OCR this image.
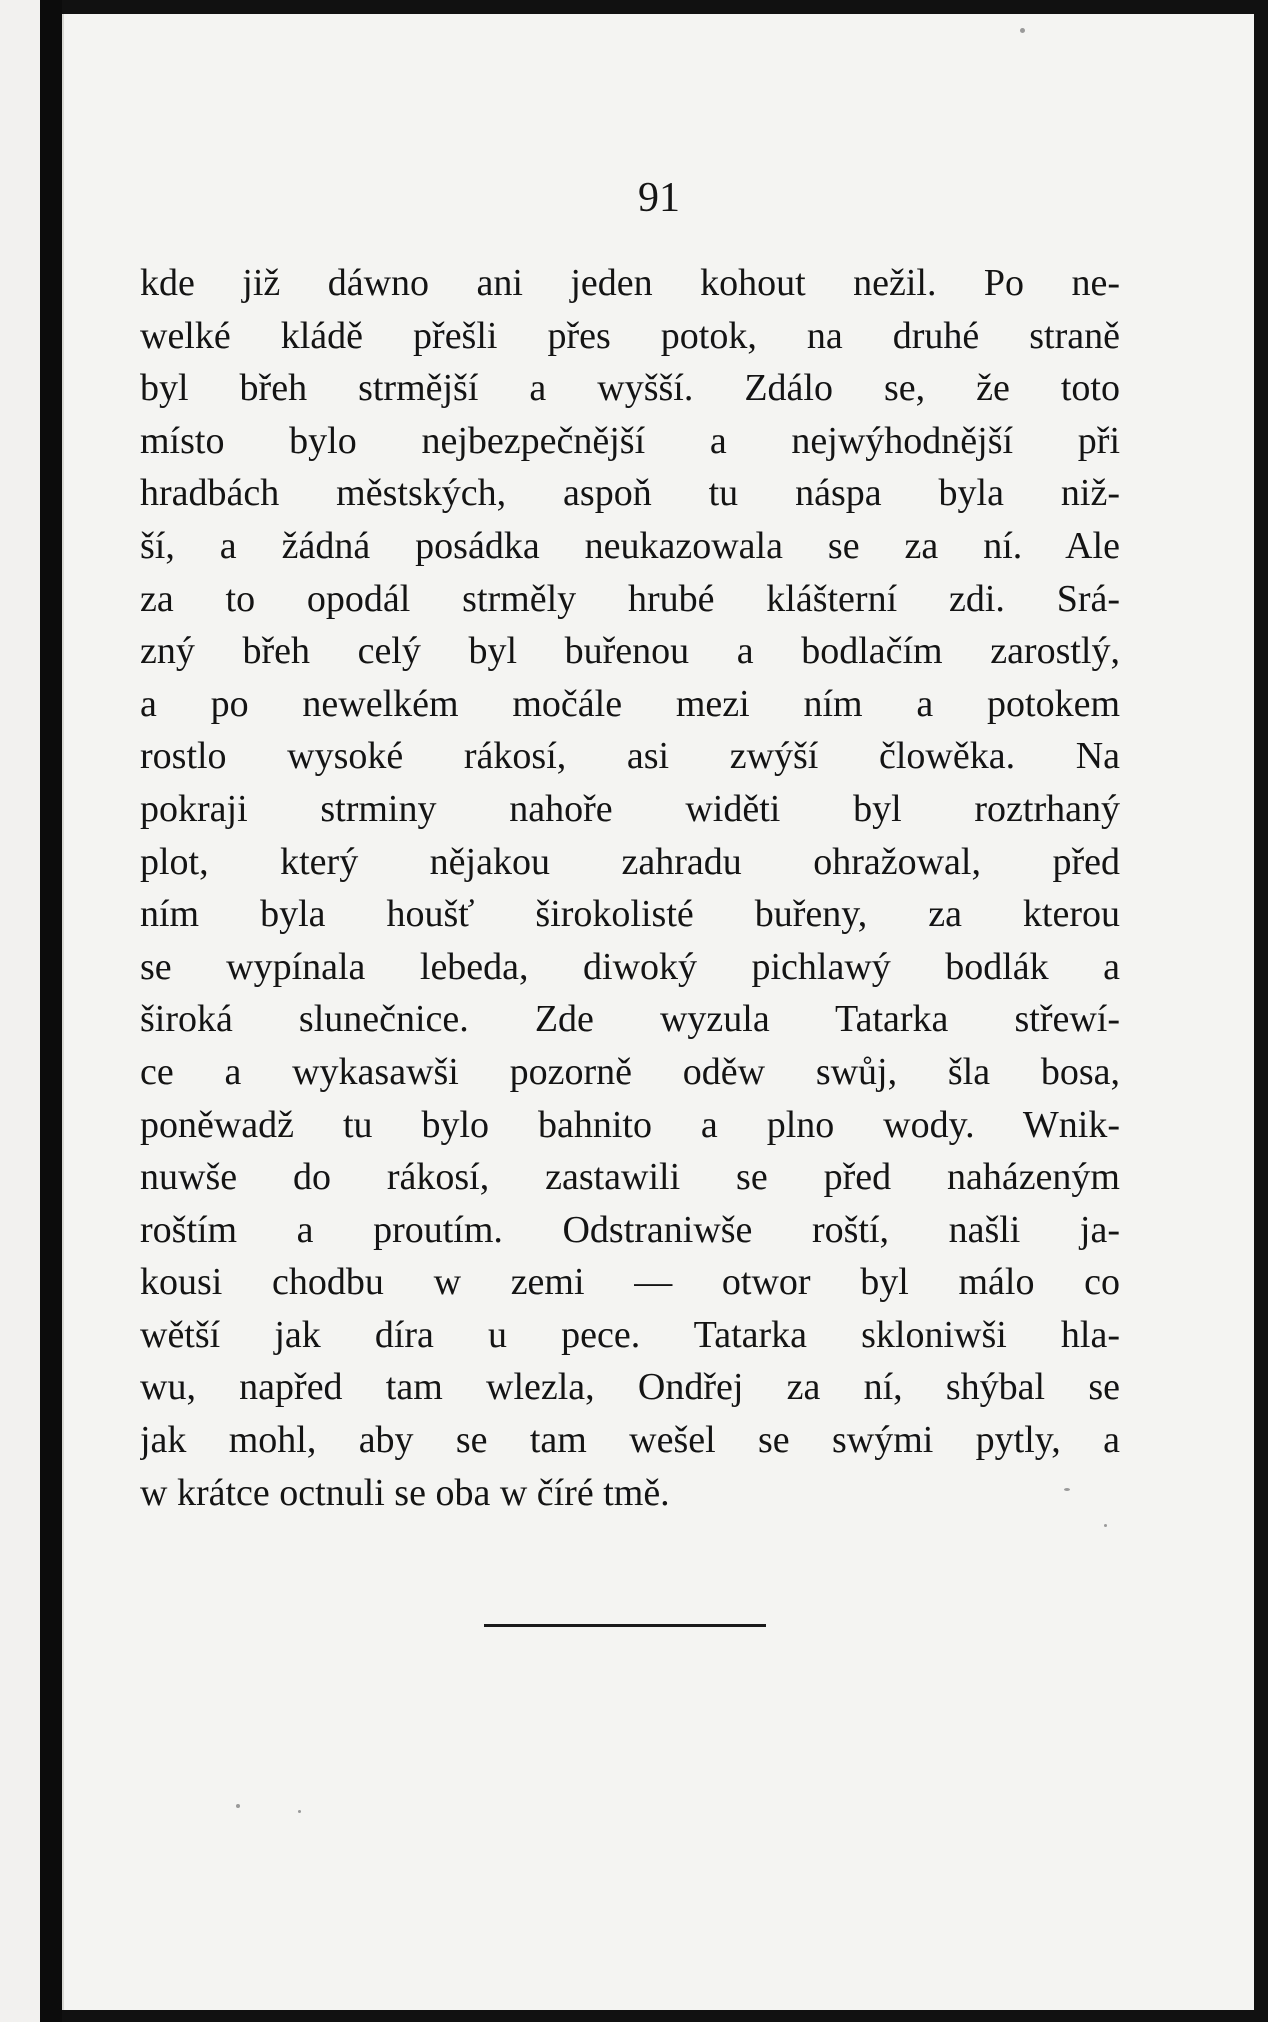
91
kde již dáwno ani jeden kohout nežil. Po ne-
welké kládě přešli přes potok, na druhé straně
byl břeh strmější a wyšší. Zdálo se, že toto
místo bylo nejbezpečnější a nejwýhodnější při
hradbách městských, aspoň tu náspa byla niž-
ší, a žádná posádka neukazowala se za ní. Ale
za to opodál strměly hrubé klášterní zdi. Srá-
zný břeh celý byl buřenou a bodlačím zarostlý,
a po newelkém močále mezi ním a potokem
rostlo wysoké rákosí, asi zwýší člowěka. Na
pokraji strminy nahoře widěti byl roztrhaný
plot, který nějakou zahradu ohražowal, před
ním byla houšť širokolisté buřeny, za kterou
se wypínala lebeda, diwoký pichlawý bodlák a
široká slunečnice. Zde wyzula Tatarka střewí-
ce a wykasawši pozorně oděw swůj, šla bosa,
poněwadž tu bylo bahnito a plno wody. Wnik-
nuwše do rákosí, zastawili se před naházeným
roštím a proutím. Odstraniwše roští, našli ja-
kousi chodbu w zemi — otwor byl málo co
wětší jak díra u pece. Tatarka skloniwši hla-
wu, napřed tam wlezla, Ondřej za ní, shýbal se
jak mohl, aby se tam wešel se swými pytly, a
w krátce octnuli se oba w číré tmě.
